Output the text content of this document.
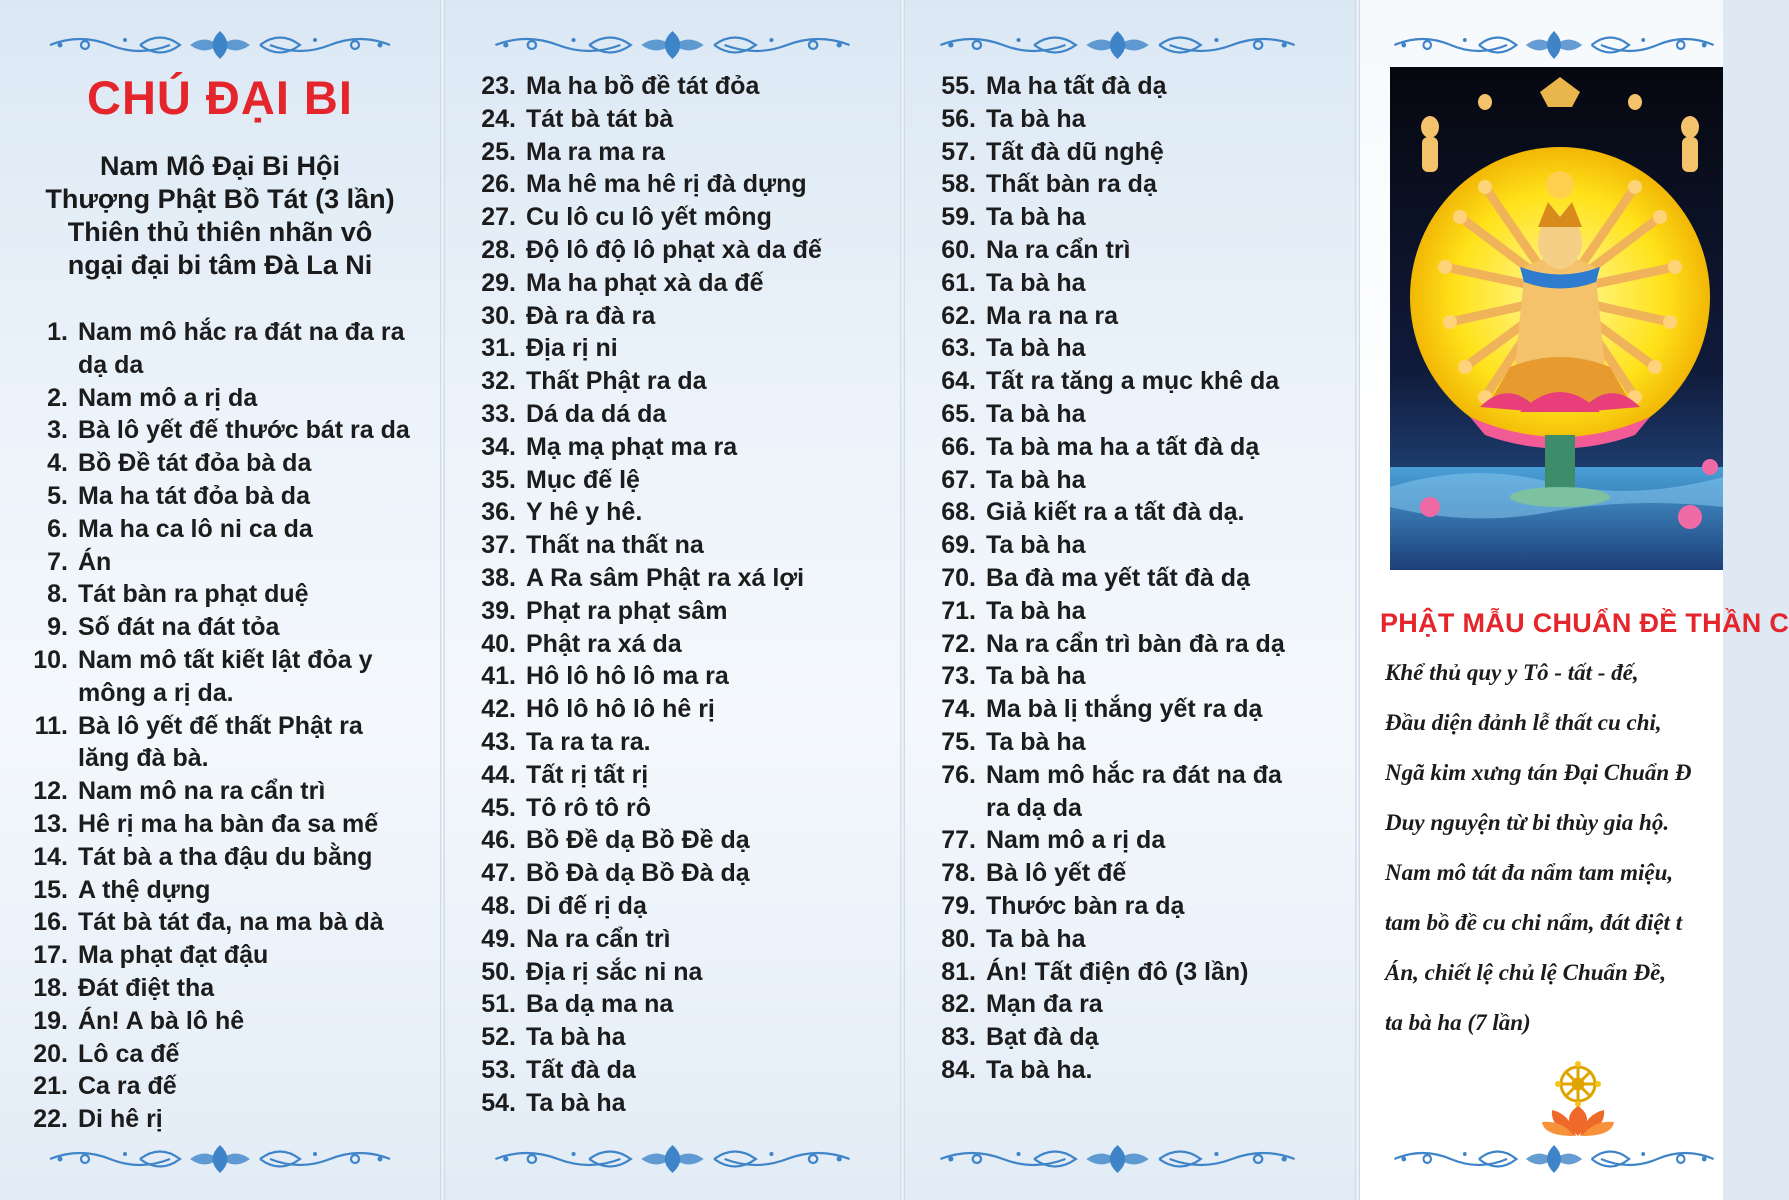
CHÚ ĐẠI BI
Nam Mô Đại Bi Hội
Thượng Phật Bồ Tát (3 lần)
Thiên thủ thiên nhãn vô
ngại đại bi tâm Đà La Ni
1. Nam mô hắc ra đát na đa ra
dạ da
2. Nam mô a rị da
3. Bà lô yết đế thước bát ra da
4. Bồ Đề tát đỏa bà da
5. Ma ha tát đỏa bà da
6. Ma ha ca lô ni ca da
7. Án
8. Tát bàn ra phạt duệ
9. Số đát na đát tỏa
10. Nam mô tất kiết lật đỏa y
mông a rị da.
11. Bà lô yết đế thất Phật ra
lăng đà bà.
12. Nam mô na ra cẩn trì
13. Hê rị ma ha bàn đa sa mế
14. Tát bà a tha đậu du bằng
15. A thệ dựng
16. Tát bà tát đa, na ma bà dà
17. Ma phạt đạt đậu
18. Đát điệt tha
19. Án! A bà lô hê
20. Lô ca đế
21. Ca ra đế
22. Di hê rị
23. Ma ha bồ đề tát đỏa
24. Tát bà tát bà
25. Ma ra ma ra
26. Ma hê ma hê rị đà dựng
27. Cu lô cu lô yết mông
28. Độ lô độ lô phạt xà da đế
29. Ma ha phạt xà da đế
30. Đà ra đà ra
31. Địa rị ni
32. Thất Phật ra da
33. Dá da dá da
34. Mạ mạ phạt ma ra
35. Mục đế lệ
36. Y hê y hê.
37. Thất na thất na
38. A Ra sâm Phật ra xá lợi
39. Phạt ra phạt sâm
40. Phật ra xá da
41. Hô lô hô lô ma ra
42. Hô lô hô lô hê rị
43. Ta ra ta ra.
44. Tất rị tất rị
45. Tô rô tô rô
46. Bồ Đề dạ Bồ Đề dạ
47. Bồ Đà dạ Bồ Đà dạ
48. Di đế rị dạ
49. Na ra cẩn trì
50. Địa rị sắc ni na
51. Ba dạ ma na
52. Ta bà ha
53. Tất đà da
54. Ta bà ha
55. Ma ha tất đà dạ
56. Ta bà ha
57. Tất đà dũ nghệ
58. Thất bàn ra dạ
59. Ta bà ha
60. Na ra cẩn trì
61. Ta bà ha
62. Ma ra na ra
63. Ta bà ha
64. Tất ra tăng a mục khê da
65. Ta bà ha
66. Ta bà ma ha a tất đà dạ
67. Ta bà ha
68. Giả kiết ra a tất đà dạ.
69. Ta bà ha
70. Ba đà ma yết tất đà dạ
71. Ta bà ha
72. Na ra cẩn trì bàn đà ra dạ
73. Ta bà ha
74. Ma bà lị thắng yết ra dạ
75. Ta bà ha
76. Nam mô hắc ra đát na đa
ra dạ da
77. Nam mô a rị da
78. Bà lô yết đế
79. Thước bàn ra dạ
80. Ta bà ha
81. Án! Tất điện đô (3 lần)
82. Mạn đa ra
83. Bạt đà dạ
84. Ta bà ha.
PHẬT MẪU CHUẨN ĐỀ THẦN C
Khể thủ quy y Tô - tất - đế,
Đầu diện đảnh lễ thất cu chi,
Ngã kim xưng tán Đại Chuẩn Đ
Duy nguyện từ bi thùy gia hộ.
Nam mô tát đa nẩm tam miệu,
tam bồ đề cu chi nẩm, đát điệt t
Án, chiết lệ chủ lệ Chuẩn Đề,
ta bà ha (7 lần)
